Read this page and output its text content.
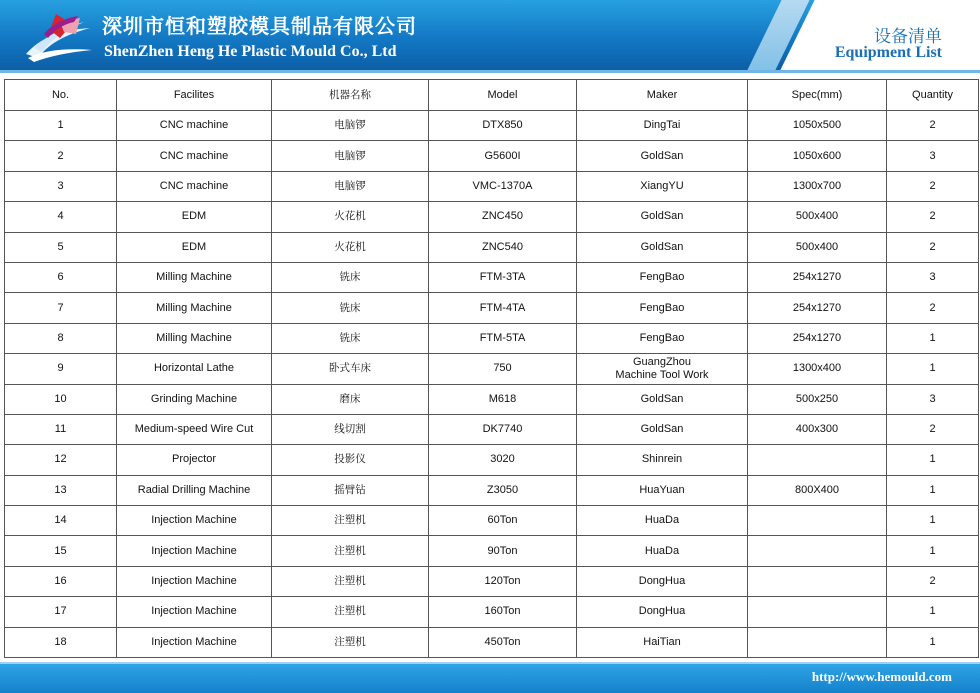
深圳市恒和塑胶模具制品有限公司
ShenZhen Heng He Plastic Mould Co., Ltd
设备清单
Equipment List
No.	Facilites	机器名称	Model	Maker	Spec(mm)	Quantity
1	CNC machine	电脑锣	DTX850	DingTai	1050x500	2
2	CNC machine	电脑锣	G5600I	GoldSan	1050x600	3
3	CNC machine	电脑锣	VMC-1370A	XiangYU	1300x700	2
4	EDM	火花机	ZNC450	GoldSan	500x400	2
5	EDM	火花机	ZNC540	GoldSan	500x400	2
6	Milling Machine	铣床	FTM-3TA	FengBao	254x1270	3
7	Milling Machine	铣床	FTM-4TA	FengBao	254x1270	2
8	Milling Machine	铣床	FTM-5TA	FengBao	254x1270	1
9	Horizontal Lathe	卧式车床	750	GuangZhou
Machine Tool Work	1300x400	1
10	Grinding Machine	磨床	M618	GoldSan	500x250	3
11	Medium-speed Wire Cut	线切割	DK7740	GoldSan	400x300	2
12	Projector	投影仪	3020	Shinrein		1
13	Radial Drilling Machine	摇臂钻	Z3050	HuaYuan	800X400	1
14	Injection Machine	注塑机	60Ton	HuaDa		1
15	Injection Machine	注塑机	90Ton	HuaDa		1
16	Injection Machine	注塑机	120Ton	DongHua		2
17	Injection Machine	注塑机	160Ton	DongHua		1
18	Injection Machine	注塑机	450Ton	HaiTian		1
http://www.hemould.com
